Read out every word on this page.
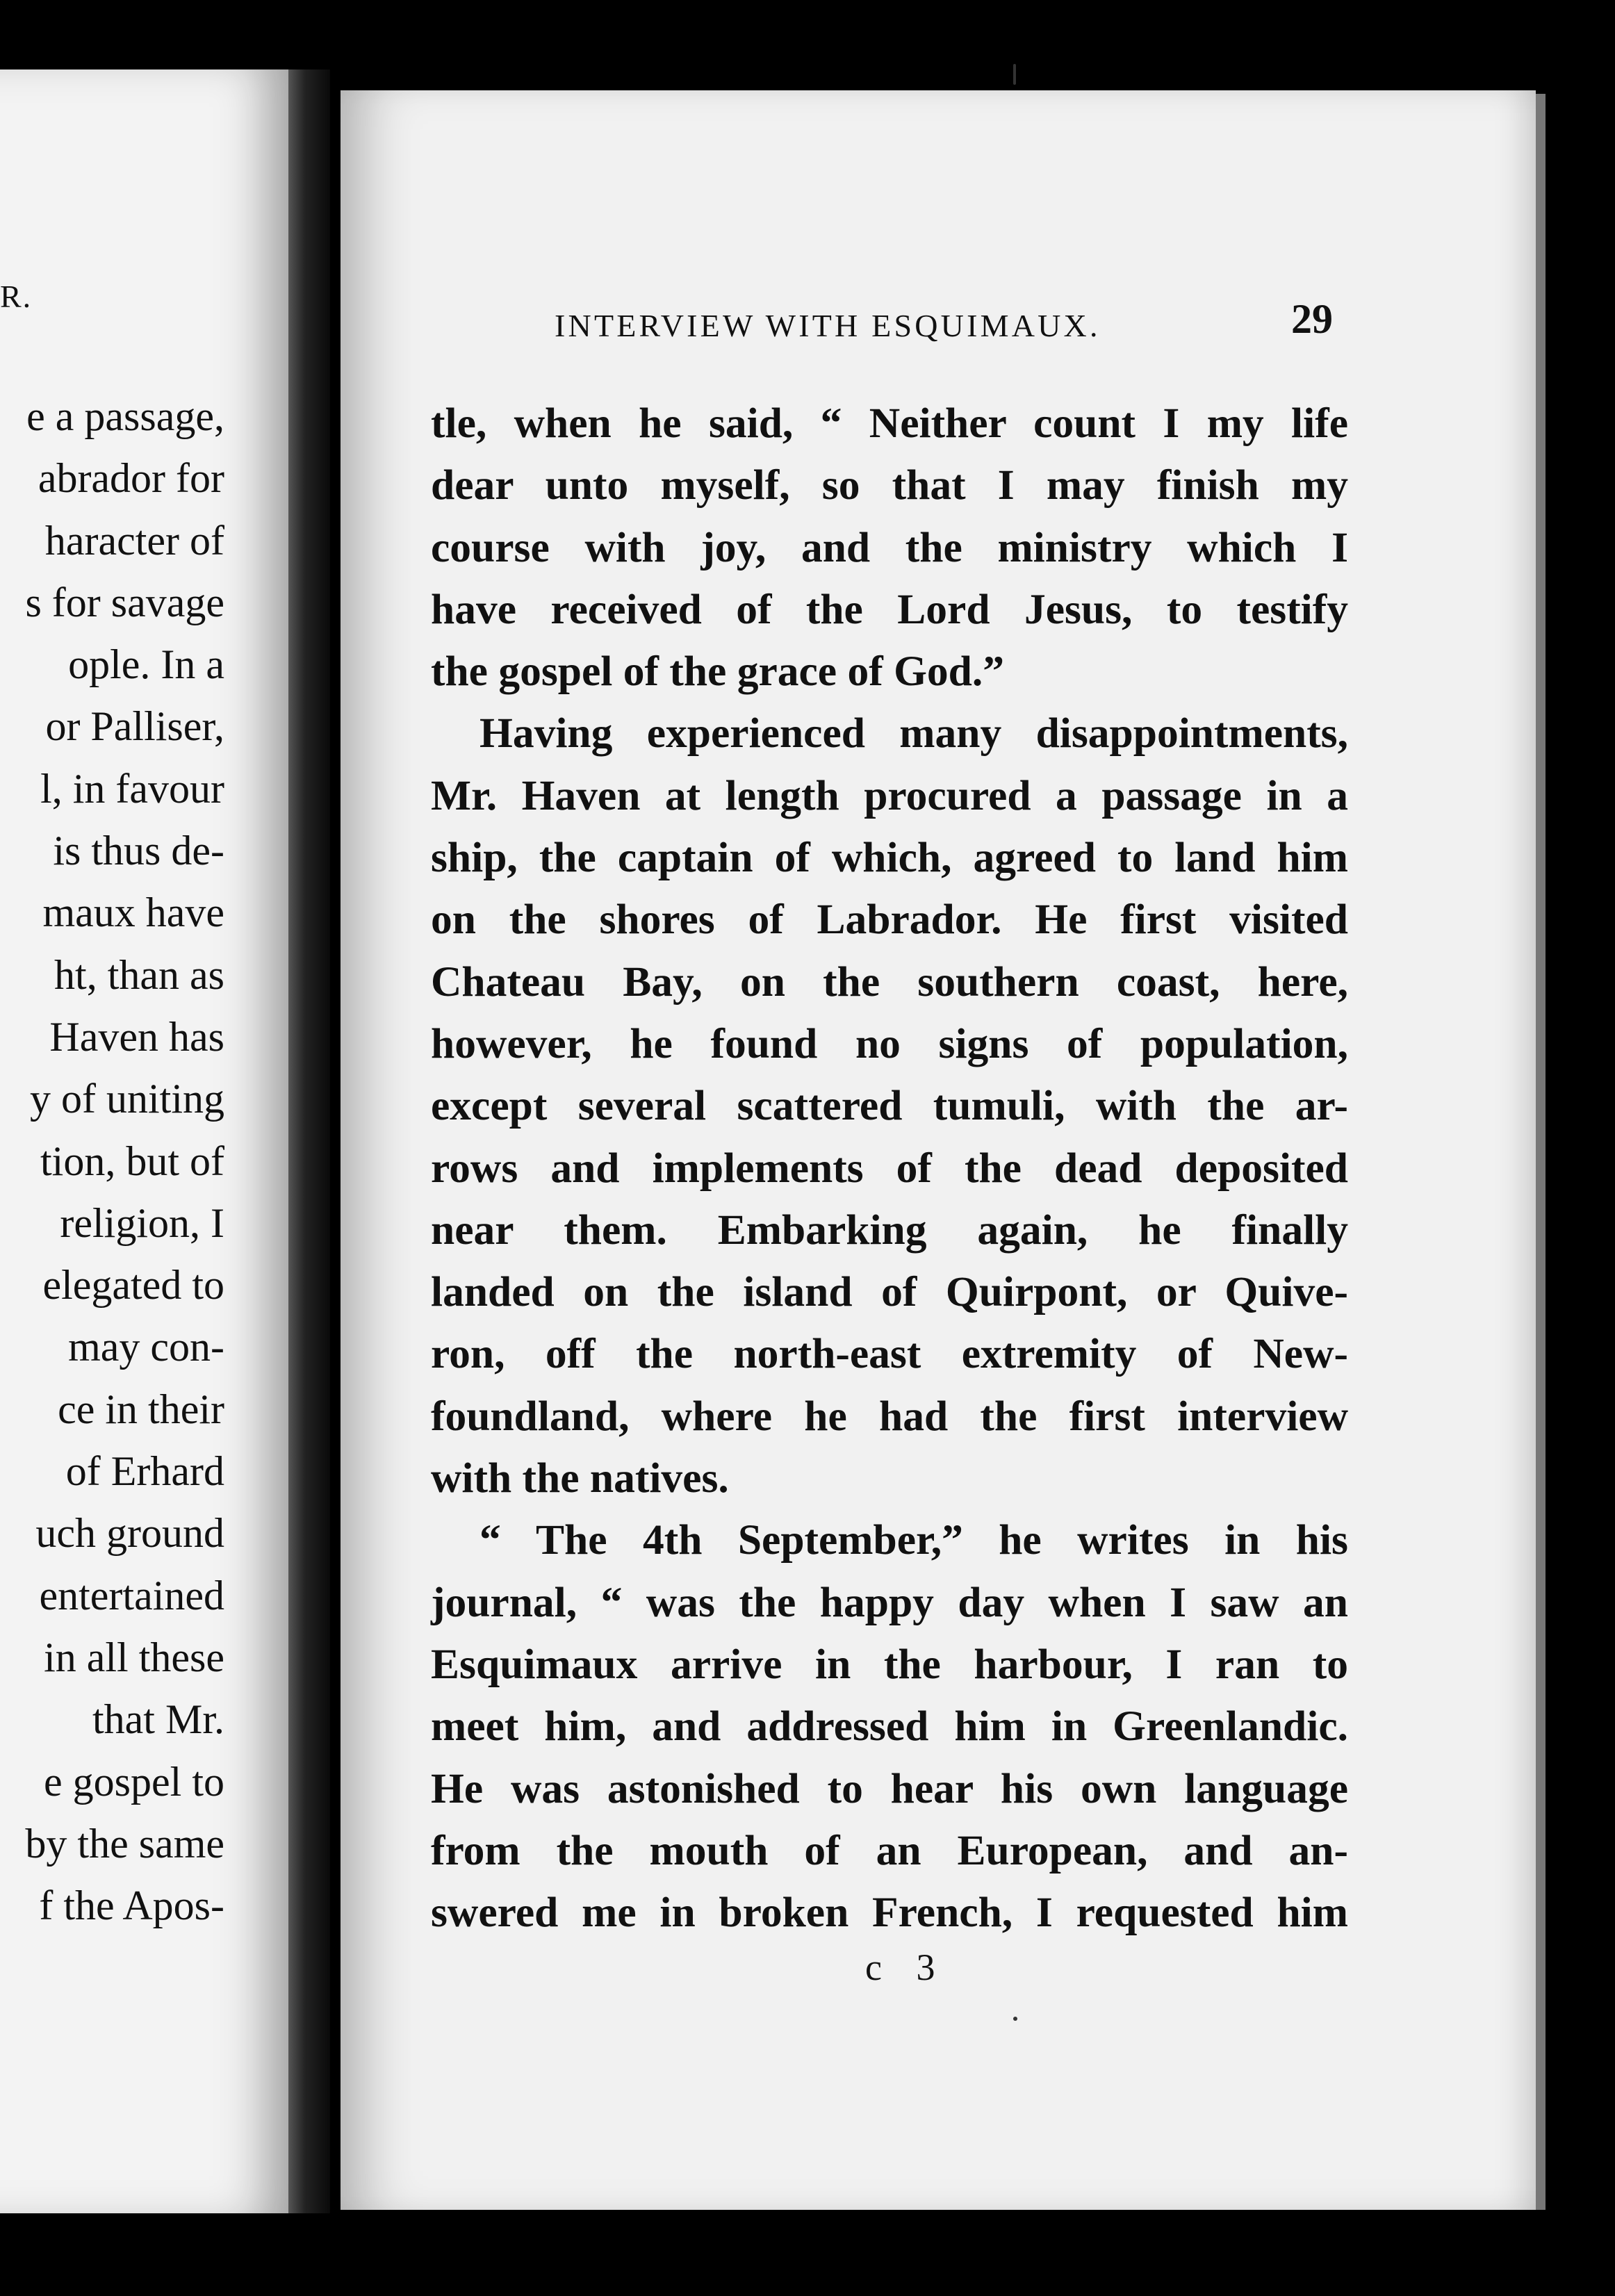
R.
e a passage,
abrador for
haracter of
s for savage
ople. In a
or Palliser,
l, in favour
is thus de-
maux have
ht, than as
Haven has
y of uniting
tion, but of
religion, I
elegated to
may con-
ce in their
of Erhard
uch ground
entertained
in all these
that Mr.
e gospel to
by the same
f the Apos-
INTERVIEW WITH ESQUIMAUX.	29
tle, when he said, “ Neither count I my life
dear unto myself, so that I may finish my
course with joy, and the ministry which I
have received of the Lord Jesus, to testify
the gospel of the grace of God.”
Having experienced many disappointments,
Mr. Haven at length procured a passage in a
ship, the captain of which, agreed to land him
on the shores of Labrador. He first visited
Chateau Bay, on the southern coast, here,
however, he found no signs of population,
except several scattered tumuli, with the ar-
rows and implements of the dead deposited
near them. Embarking again, he finally
landed on the island of Quirpont, or Quive-
ron, off the north-east extremity of New-
foundland, where he had the first interview
with the natives.
“ The 4th September,” he writes in his
journal, “ was the happy day when I saw an
Esquimaux arrive in the harbour, I ran to
meet him, and addressed him in Greenlandic.
He was astonished to hear his own language
from the mouth of an European, and an-
swered me in broken French, I requested him
c 3
